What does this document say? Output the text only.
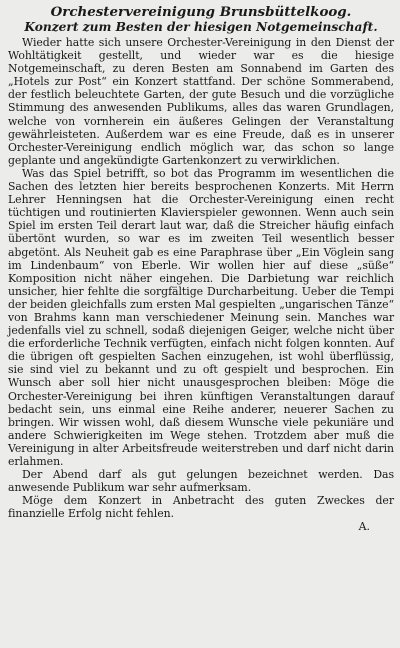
Orchestervereinigung Brunsbüttelkoog.
Konzert zum Besten der hiesigen Notgemeinschaft.

Wieder hatte sich unsere Orchester-Vereinigung in den Dienst der Wohltätigkeit gestellt, und wieder war es die hiesige Notgemeinschaft, zu deren Besten am Sonnabend im Garten des „Hotels zur Post“ ein Konzert stattfand. Der schöne Sommerabend, der festlich beleuchtete Garten, der gute Besuch und die vorzügliche Stimmung des anwesenden Publikums, alles das waren Grundlagen, welche von vornherein ein äußeres Gelingen der Veranstaltung gewährleisteten. Außerdem war es eine Freude, daß es in unserer Orchester-Vereinigung endlich möglich war, das schon so lange geplante und angekündigte Gartenkonzert zu verwirklichen.

Was das Spiel betrifft, so bot das Programm im wesentlichen die Sachen des letzten hier bereits besprochenen Konzerts. Mit Herrn Lehrer Henningsen hat die Orchester-Vereinigung einen recht tüchtigen und routinierten Klavierspieler gewonnen. Wenn auch sein Spiel im ersten Teil derart laut war, daß die Streicher häufig einfach übertönt wurden, so war es im zweiten Teil wesentlich besser abgetönt. Als Neuheit gab es eine Paraphrase über „Ein Vöglein sang im Lindenbaum“ von Eberle. Wir wollen hier auf diese „süße“ Komposition nicht näher eingehen. Die Darbietung war reichlich unsicher, hier fehlte die sorgfältige Durcharbeitung. Ueber die Tempi der beiden gleichfalls zum ersten Mal gespielten „ungarischen Tänze“ von Brahms kann man verschiedener Meinung sein. Manches war jedenfalls viel zu schnell, sodaß diejenigen Geiger, welche nicht über die erforderliche Technik verfügten, einfach nicht folgen konnten. Auf die übrigen oft gespielten Sachen einzugehen, ist wohl überflüssig, sie sind viel zu bekannt und zu oft gespielt und besprochen. Ein Wunsch aber soll hier nicht unausgesprochen bleiben: Möge die Orchester-Vereinigung bei ihren künftigen Veranstaltungen darauf bedacht sein, uns einmal eine Reihe anderer, neuerer Sachen zu bringen. Wir wissen wohl, daß diesem Wunsche viele pekuniäre und andere Schwierigkeiten im Wege stehen. Trotzdem aber muß die Vereinigung in alter Arbeitsfreude weiterstreben und darf nicht darin erlahmen.

Der Abend darf als gut gelungen bezeichnet werden. Das anwesende Publikum war sehr aufmerksam.

Möge dem Konzert in Anbetracht des guten Zweckes der finanzielle Erfolg nicht fehlen.

A.
